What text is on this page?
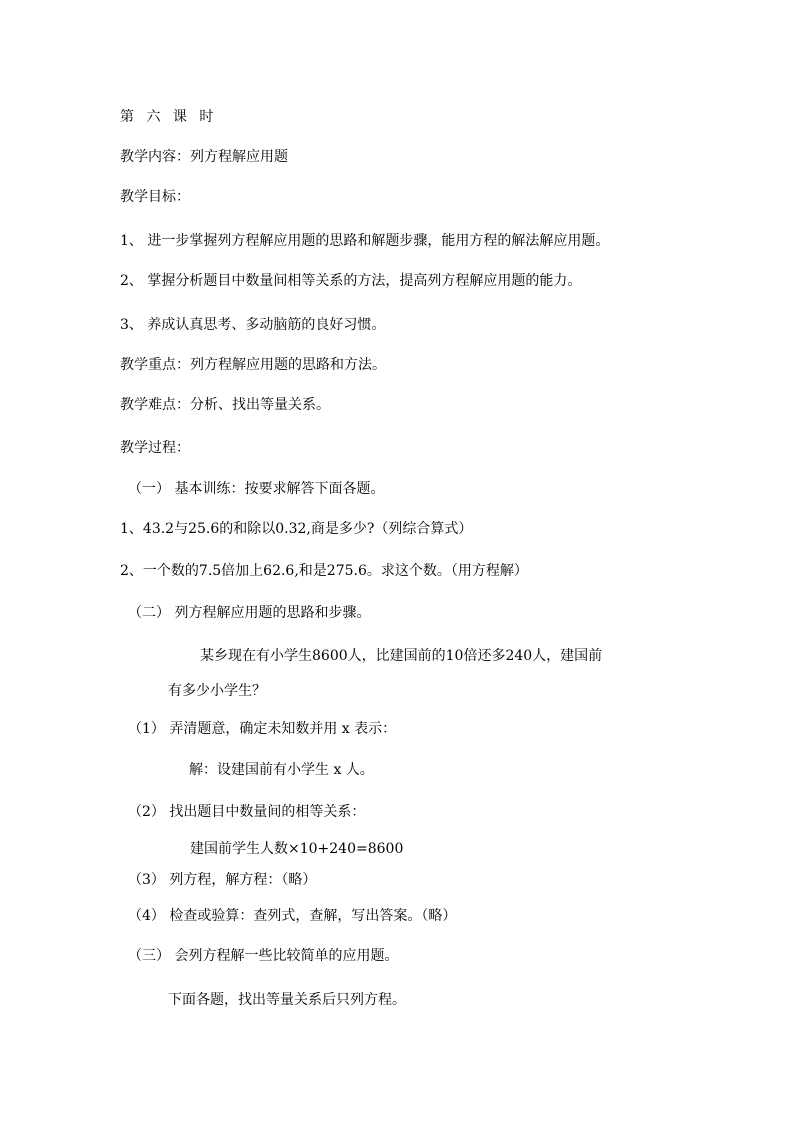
第 六 课 时
教学内容：列方程解应用题
教学目标：
1、 进一步掌握列方程解应用题的思路和解题步骤，能用方程的解法解应用题。
2、 掌握分析题目中数量间相等关系的方法，提高列方程解应用题的能力。
3、 养成认真思考、多动脑筋的良好习惯。
教学重点：列方程解应用题的思路和方法。
教学难点：分析、找出等量关系。
教学过程：
（一） 基本训练：按要求解答下面各题。
1、43.2与25.6的和除以0.32,商是多少?（列综合算式）
2、一个数的7.5倍加上62.6,和是275.6。求这个数。（用方程解）
（二） 列方程解应用题的思路和步骤。
某乡现在有小学生8600人，比建国前的10倍还多240人，建国前
有多少小学生？
（1） 弄清题意，确定未知数并用 x 表示：
解：设建国前有小学生 x 人。
（2） 找出题目中数量间的相等关系：
建国前学生人数×10+240=8600
（3） 列方程，解方程：（略）
（4） 检查或验算：查列式，查解，写出答案。（略）
（三） 会列方程解一些比较简单的应用题。
下面各题，找出等量关系后只列方程。
